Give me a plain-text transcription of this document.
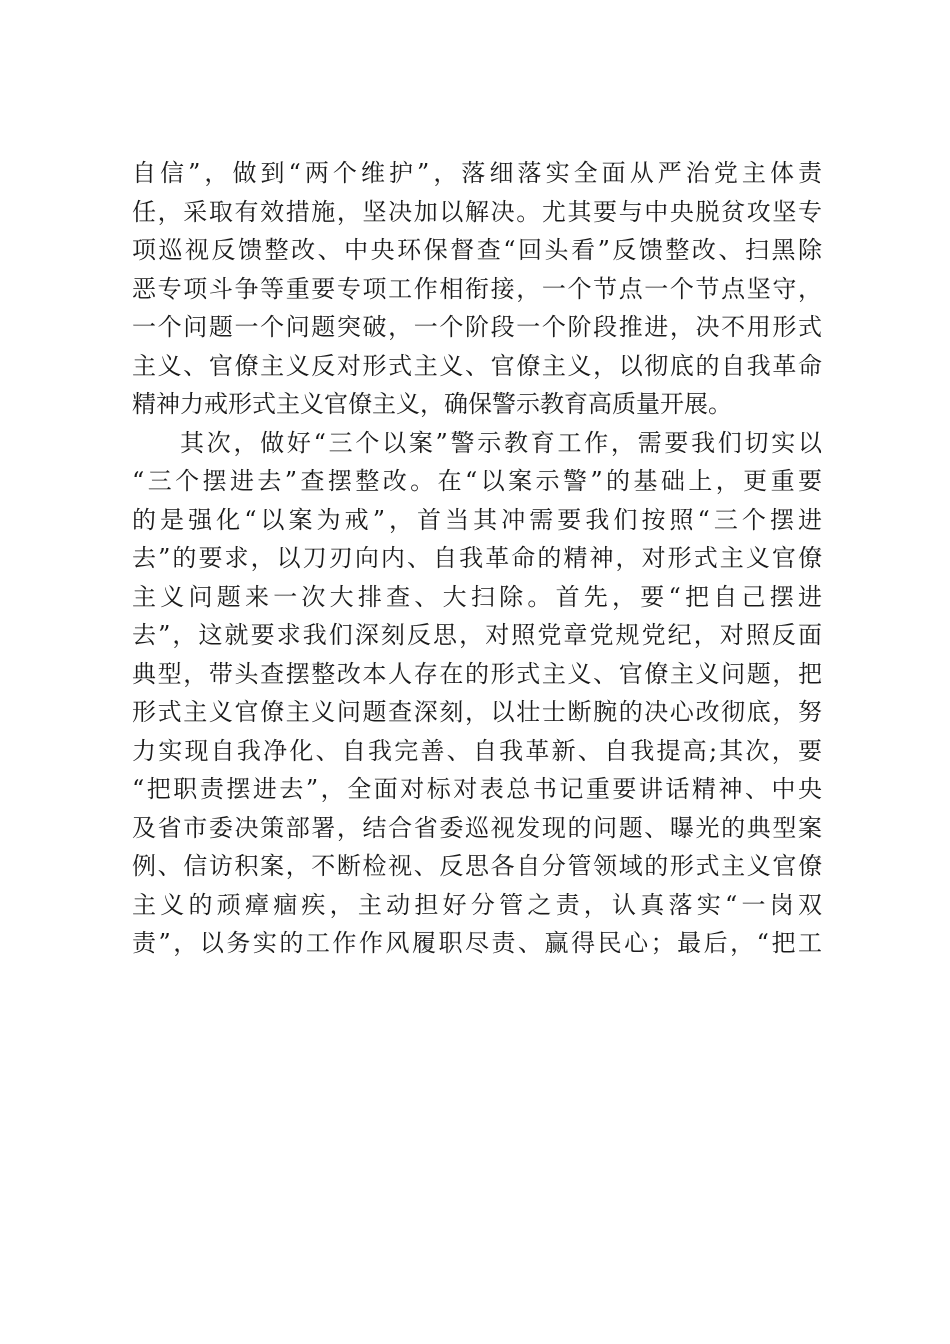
自信”，做到“两个维护”，落细落实全面从严治党主体责
任，采取有效措施，坚决加以解决。尤其要与中央脱贫攻坚专
项巡视反馈整改、中央环保督查“回头看”反馈整改、扫黑除
恶专项斗争等重要专项工作相衔接，一个节点一个节点坚守，
一个问题一个问题突破，一个阶段一个阶段推进，决不用形式
主义、官僚主义反对形式主义、官僚主义，以彻底的自我革命
精神力戒形式主义官僚主义，确保警示教育高质量开展。
其次，做好“三个以案”警示教育工作，需要我们切实以
“三个摆进去”查摆整改。在“以案示警”的基础上，更重要
的是强化“以案为戒”，首当其冲需要我们按照“三个摆进
去”的要求，以刀刃向内、自我革命的精神，对形式主义官僚
主义问题来一次大排查、大扫除。首先，要“把自己摆进
去”，这就要求我们深刻反思，对照党章党规党纪，对照反面
典型，带头查摆整改本人存在的形式主义、官僚主义问题，把
形式主义官僚主义问题查深刻，以壮士断腕的决心改彻底，努
力实现自我净化、自我完善、自我革新、自我提高;其次，要
“把职责摆进去”，全面对标对表总书记重要讲话精神、中央
及省市委决策部署，结合省委巡视发现的问题、曝光的典型案
例、信访积案，不断检视、反思各自分管领域的形式主义官僚
主义的顽瘴痼疾，主动担好分管之责，认真落实“一岗双
责”，以务实的工作作风履职尽责、赢得民心；最后，“把工
